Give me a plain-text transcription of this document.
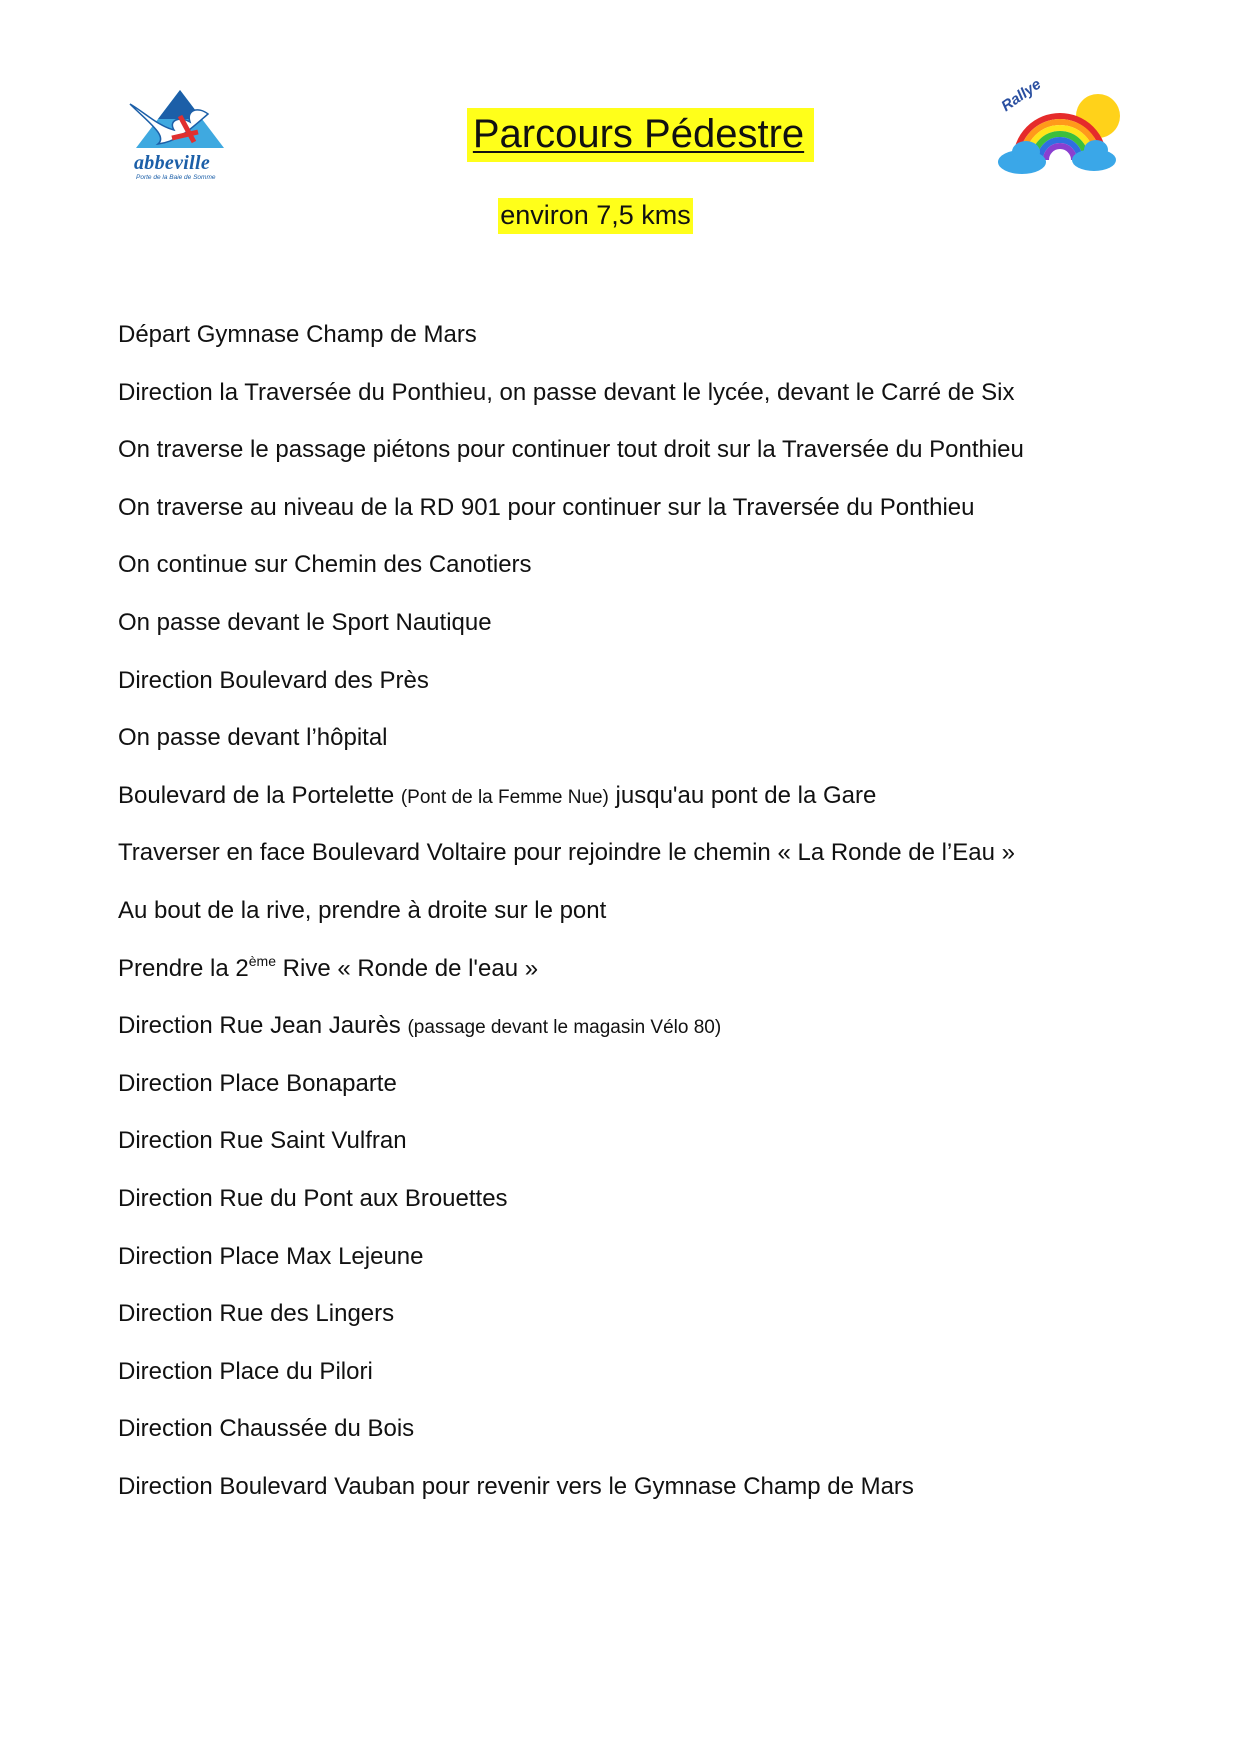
abbeville
Porte de la Baie de Somme
Rallye
Parcours Pédestre
environ 7,5 kms
Départ Gymnase Champ de Mars
Direction la Traversée du Ponthieu, on passe devant le lycée, devant le Carré de Six
On traverse le passage piétons pour continuer tout droit sur la Traversée du Ponthieu
On traverse au niveau de la RD 901 pour continuer sur la Traversée du Ponthieu
On continue sur Chemin des Canotiers
On passe devant le Sport Nautique
Direction Boulevard des Près
On passe devant l’hôpital
Boulevard de la Portelette (Pont de la Femme Nue) jusqu'au pont de la Gare
Traverser en face Boulevard Voltaire pour rejoindre le chemin « La Ronde de l’Eau »
Au bout de la rive, prendre à droite sur le pont
Prendre la 2ème Rive « Ronde de l'eau »
Direction Rue Jean Jaurès (passage devant le magasin Vélo 80)
Direction Place Bonaparte
Direction Rue Saint Vulfran
Direction Rue du Pont aux Brouettes
Direction Place Max Lejeune
Direction Rue des Lingers
Direction Place du Pilori
Direction Chaussée du Bois
Direction Boulevard Vauban pour revenir vers le Gymnase Champ de Mars
